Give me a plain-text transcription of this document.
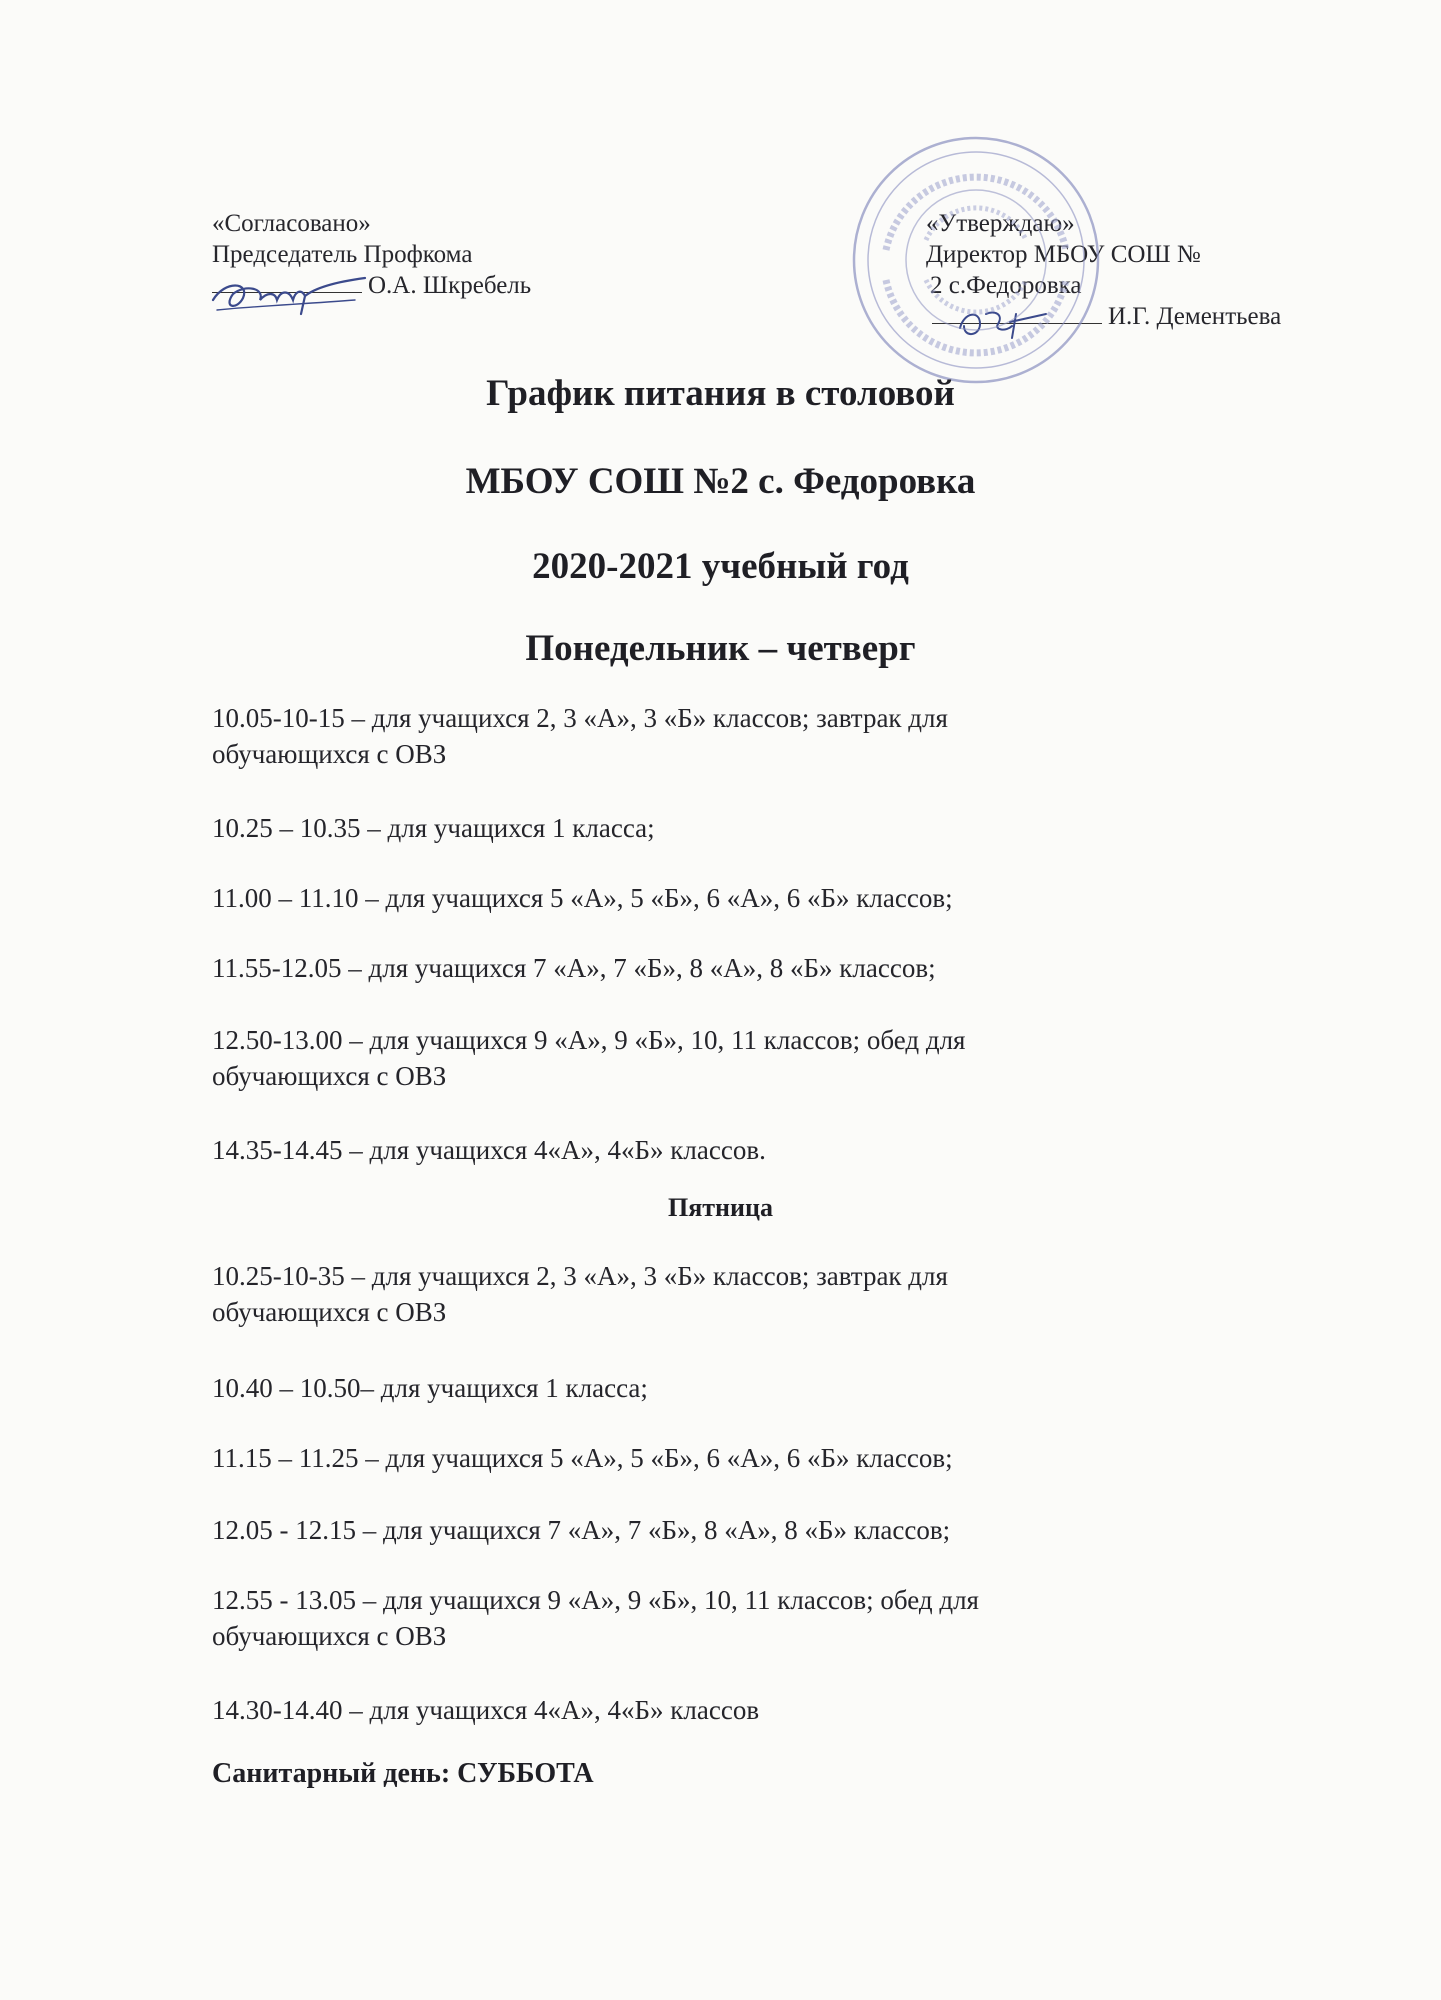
«Согласовано»
Председатель Профкома
О.А. Шкребель
«Утверждаю»
Директор МБОУ СОШ №
2 с.Федоровка
И.Г. Дементьева
График питания в столовой
МБОУ СОШ №2 с. Федоровка
2020-2021 учебный год
Понедельник – четверг
10.05-10-15 – для учащихся 2, 3 «А», 3 «Б» классов; завтрак для
обучающихся с ОВЗ
10.25 – 10.35 – для учащихся 1 класса;
11.00 – 11.10 – для учащихся 5 «А», 5 «Б», 6 «А», 6 «Б» классов;
11.55-12.05 – для учащихся 7 «А», 7 «Б», 8 «А», 8 «Б» классов;
12.50-13.00 – для учащихся 9 «А», 9 «Б», 10, 11 классов; обед для
обучающихся с ОВЗ
14.35-14.45 – для учащихся 4«А», 4«Б» классов.
Пятница
10.25-10-35 – для учащихся 2, 3 «А», 3 «Б» классов; завтрак для
обучающихся с ОВЗ
10.40 – 10.50– для учащихся 1 класса;
11.15 – 11.25 – для учащихся 5 «А», 5 «Б», 6 «А», 6 «Б» классов;
12.05 - 12.15 – для учащихся 7 «А», 7 «Б», 8 «А», 8 «Б» классов;
12.55 - 13.05 – для учащихся 9 «А», 9 «Б», 10, 11 классов; обед для
обучающихся с ОВЗ
14.30-14.40 – для учащихся 4«А», 4«Б» классов
Санитарный день: СУББОТА
